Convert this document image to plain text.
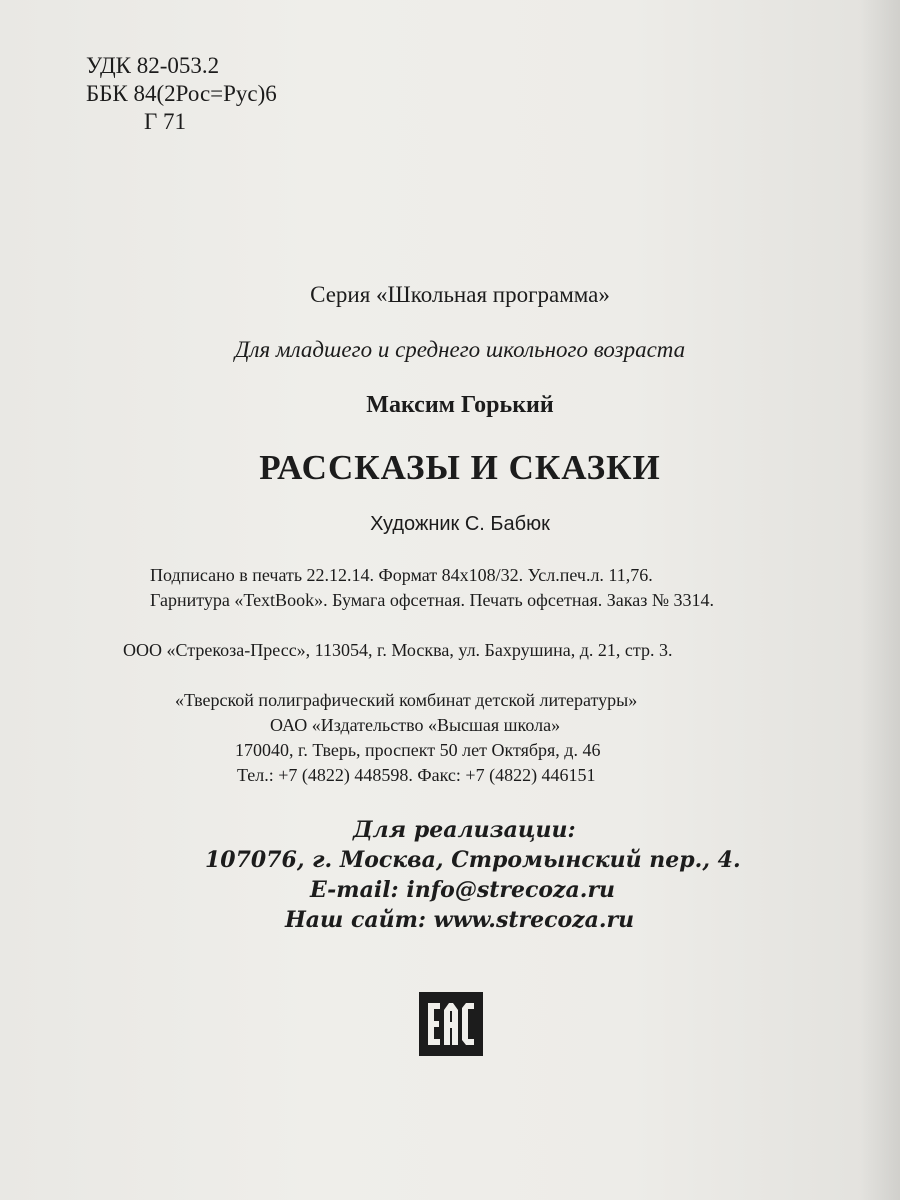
УДК 82-053.2
ББК 84(2Рос=Рус)6
Г 71
Серия «Школьная программа»
Для младшего и среднего школьного возраста
Максим Горький
РАССКАЗЫ И СКАЗКИ
Художник С. Бабюк
Подписано в печать 22.12.14. Формат 84х108/32. Усл.печ.л. 11,76.
Гарнитура «TextBook». Бумага офсетная. Печать офсетная. Заказ № 3314.
ООО «Стрекоза-Пресс», 113054, г. Москва, ул. Бахрушина, д. 21, стр. 3.
«Тверской полиграфический комбинат детской литературы»
ОАО «Издательство «Высшая школа»
170040, г. Тверь, проспект 50 лет Октября, д. 46
Тел.: +7 (4822) 448598. Факс: +7 (4822) 446151
Для реализации:
107076, г. Москва, Стромынский пер., 4.
E-mail: info@strecoza.ru
Наш сайт: www.strecoza.ru
